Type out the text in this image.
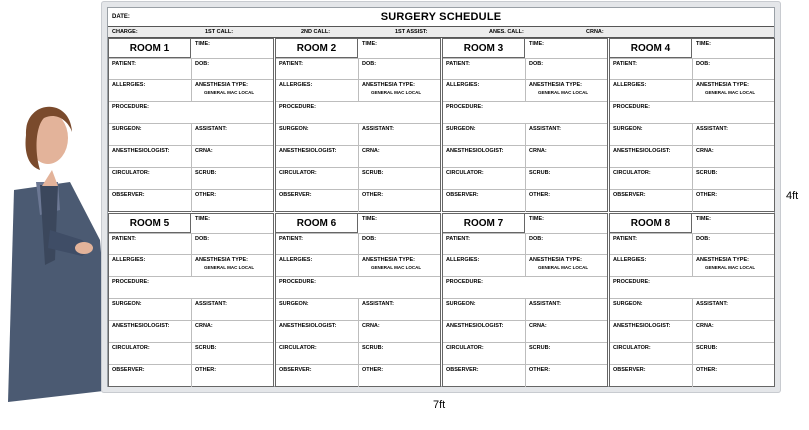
DATE:	SURGERY SCHEDULE
CHARGE:	1ST CALL:	2ND CALL:	1ST ASSIST:	ANES. CALL:	CRNA:
ROOM 1	TIME:
PATIENT:	DOB:
ALLERGIES:	ANESTHESIA TYPE:
GENERAL MAC LOCAL
PROCEDURE:
SURGEON:	ASSISTANT:
ANESTHESIOLOGIST:	CRNA:
CIRCULATOR:	SCRUB:
OBSERVER:	OTHER:
ROOM 2	TIME:
PATIENT:	DOB:
ALLERGIES:	ANESTHESIA TYPE:
GENERAL MAC LOCAL
PROCEDURE:
SURGEON:	ASSISTANT:
ANESTHESIOLOGIST:	CRNA:
CIRCULATOR:	SCRUB:
OBSERVER:	OTHER:
ROOM 3	TIME:
PATIENT:	DOB:
ALLERGIES:	ANESTHESIA TYPE:
GENERAL MAC LOCAL
PROCEDURE:
SURGEON:	ASSISTANT:
ANESTHESIOLOGIST:	CRNA:
CIRCULATOR:	SCRUB:
OBSERVER:	OTHER:
ROOM 4	TIME:
PATIENT:	DOB:
ALLERGIES:	ANESTHESIA TYPE:
GENERAL MAC LOCAL
PROCEDURE:
SURGEON:	ASSISTANT:
ANESTHESIOLOGIST:	CRNA:
CIRCULATOR:	SCRUB:
OBSERVER:	OTHER:
ROOM 5	TIME:
PATIENT:	DOB:
ALLERGIES:	ANESTHESIA TYPE:
GENERAL MAC LOCAL
PROCEDURE:
SURGEON:	ASSISTANT:
ANESTHESIOLOGIST:	CRNA:
CIRCULATOR:	SCRUB:
OBSERVER:	OTHER:
ROOM 6	TIME:
PATIENT:	DOB:
ALLERGIES:	ANESTHESIA TYPE:
GENERAL MAC LOCAL
PROCEDURE:
SURGEON:	ASSISTANT:
ANESTHESIOLOGIST:	CRNA:
CIRCULATOR:	SCRUB:
OBSERVER:	OTHER:
ROOM 7	TIME:
PATIENT:	DOB:
ALLERGIES:	ANESTHESIA TYPE:
GENERAL MAC LOCAL
PROCEDURE:
SURGEON:	ASSISTANT:
ANESTHESIOLOGIST:	CRNA:
CIRCULATOR:	SCRUB:
OBSERVER:	OTHER:
ROOM 8	TIME:
PATIENT:	DOB:
ALLERGIES:	ANESTHESIA TYPE:
GENERAL MAC LOCAL
PROCEDURE:
SURGEON:	ASSISTANT:
ANESTHESIOLOGIST:	CRNA:
CIRCULATOR:	SCRUB:
OBSERVER:	OTHER:
4ft
7ft
